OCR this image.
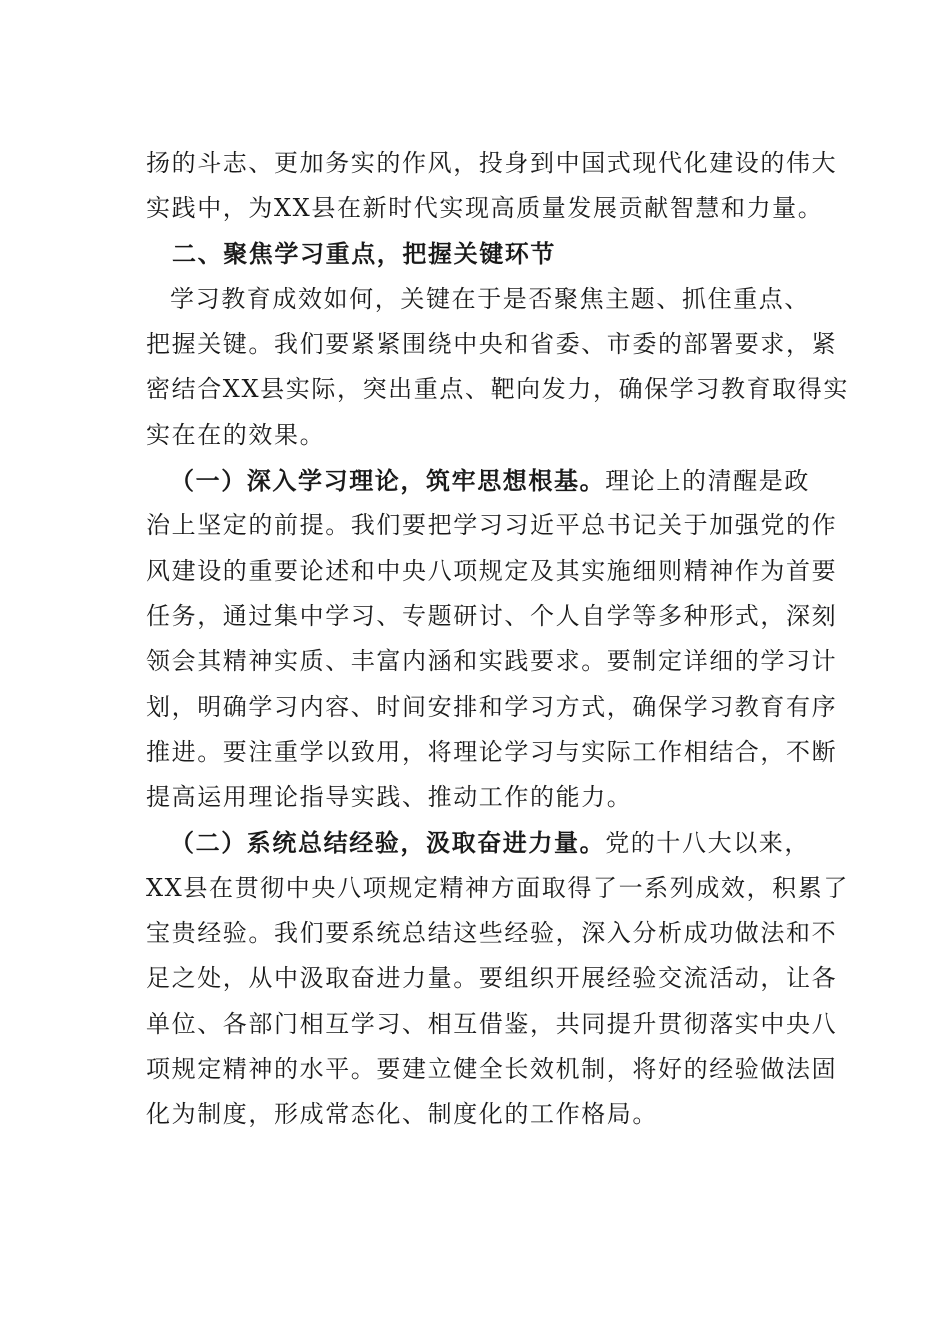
扬的斗志、更加务实的作风，投身到中国式现代化建设的伟大
实践中，为XX县在新时代实现高质量发展贡献智慧和力量。
二、聚焦学习重点，把握关键环节
学习教育成效如何，关键在于是否聚焦主题、抓住重点、
把握关键。我们要紧紧围绕中央和省委、市委的部署要求，紧
密结合XX县实际，突出重点、靶向发力，确保学习教育取得实
实在在的效果。
（一）深入学习理论，筑牢思想根基。理论上的清醒是政
治上坚定的前提。我们要把学习习近平总书记关于加强党的作
风建设的重要论述和中央八项规定及其实施细则精神作为首要
任务，通过集中学习、专题研讨、个人自学等多种形式，深刻
领会其精神实质、丰富内涵和实践要求。要制定详细的学习计
划，明确学习内容、时间安排和学习方式，确保学习教育有序
推进。要注重学以致用，将理论学习与实际工作相结合，不断
提高运用理论指导实践、推动工作的能力。
（二）系统总结经验，汲取奋进力量。党的十八大以来，
XX县在贯彻中央八项规定精神方面取得了一系列成效，积累了
宝贵经验。我们要系统总结这些经验，深入分析成功做法和不
足之处，从中汲取奋进力量。要组织开展经验交流活动，让各
单位、各部门相互学习、相互借鉴，共同提升贯彻落实中央八
项规定精神的水平。要建立健全长效机制，将好的经验做法固
化为制度，形成常态化、制度化的工作格局。
